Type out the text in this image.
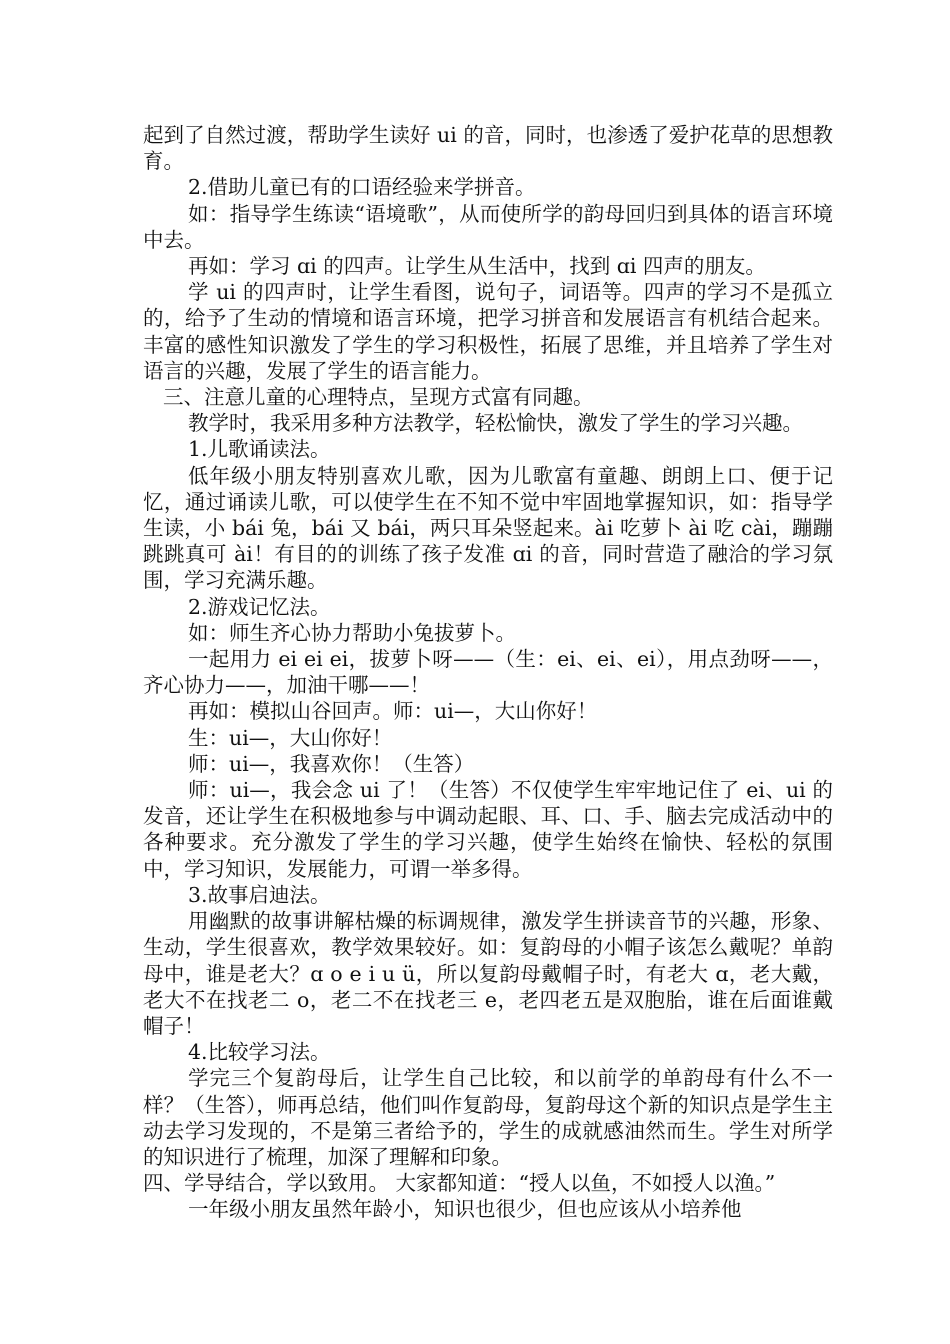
起到了自然过渡，帮助学生读好 ui 的音，同时，也渗透了爱护花草的思想教育。

2.借助儿童已有的口语经验来学拼音。

如：指导学生练读“语境歌”，从而使所学的韵母回归到具体的语言环境中去。

再如：学习 ɑi 的四声。让学生从生活中，找到 ɑi 四声的朋友。

学 ui 的四声时，让学生看图，说句子，词语等。四声的学习不是孤立的，给予了生动的情境和语言环境，把学习拼音和发展语言有机结合起来。丰富的感性知识激发了学生的学习积极性，拓展了思维，并且培养了学生对语言的兴趣，发展了学生的语言能力。

三、注意儿童的心理特点，呈现方式富有同趣。

教学时，我采用多种方法教学，轻松愉快，激发了学生的学习兴趣。

1.儿歌诵读法。

低年级小朋友特别喜欢儿歌，因为儿歌富有童趣、朗朗上口、便于记忆，通过诵读儿歌，可以使学生在不知不觉中牢固地掌握知识，如：指导学生读，小 bái 兔，bái 又 bái，两只耳朵竖起来。ài 吃萝卜 ài 吃 cài，蹦蹦跳跳真可 ài！有目的的训练了孩子发准 ɑi 的音，同时营造了融洽的学习氛围，学习充满乐趣。

2.游戏记忆法。

如：师生齐心协力帮助小兔拔萝卜。

一起用力 ei ei ei，拔萝卜呀——（生：ei、ei、ei），用点劲呀——，齐心协力——，加油干哪——！

再如：模拟山谷回声。师：ui—，大山你好！

生：ui—，大山你好！

师：ui—，我喜欢你！（生答）

师：ui—，我会念 ui 了！（生答）不仅使学生牢牢地记住了 ei、ui 的发音，还让学生在积极地参与中调动起眼、耳、口、手、脑去完成活动中的各种要求。充分激发了学生的学习兴趣，使学生始终在愉快、轻松的氛围中，学习知识，发展能力，可谓一举多得。

3.故事启迪法。

用幽默的故事讲解枯燥的标调规律，激发学生拼读音节的兴趣，形象、生动，学生很喜欢，教学效果较好。如：复韵母的小帽子该怎么戴呢？单韵母中，谁是老大？ɑ o e i u ü，所以复韵母戴帽子时，有老大 ɑ，老大戴，老大不在找老二 o，老二不在找老三 e，老四老五是双胞胎，谁在后面谁戴帽子！

4.比较学习法。

学完三个复韵母后，让学生自己比较，和以前学的单韵母有什么不一样？（生答），师再总结，他们叫作复韵母，复韵母这个新的知识点是学生主动去学习发现的，不是第三者给予的，学生的成就感油然而生。学生对所学的知识进行了梳理，加深了理解和印象。

四、学导结合，学以致用。 大家都知道：“授人以鱼，不如授人以渔。”

一年级小朋友虽然年龄小，知识也很少，但也应该从小培养他
